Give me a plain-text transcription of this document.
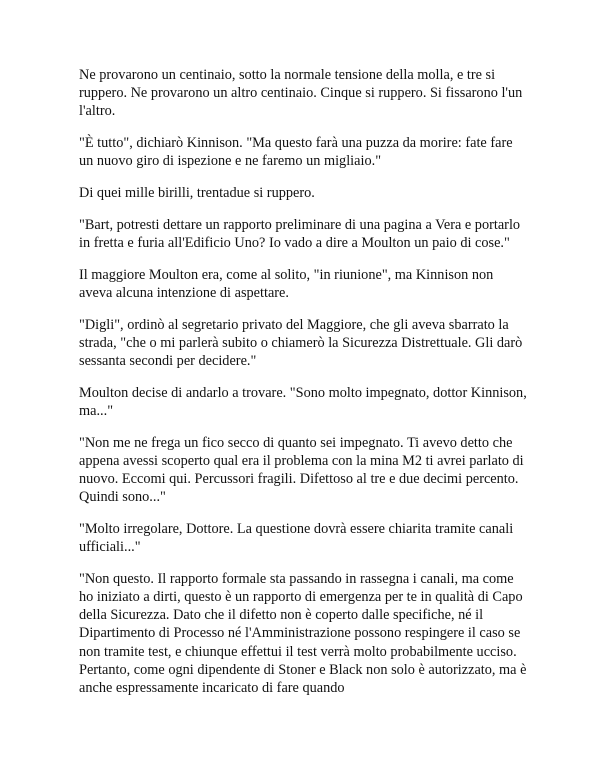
Ne provarono un centinaio, sotto la normale tensione della molla, e tre si ruppero. Ne provarono un altro centinaio. Cinque si ruppero. Si fissarono l'un l'altro.

"È tutto", dichiarò Kinnison. "Ma questo farà una puzza da morire: fate fare un nuovo giro di ispezione e ne faremo un migliaio."

Di quei mille birilli, trentadue si ruppero.

"Bart, potresti dettare un rapporto preliminare di una pagina a Vera e portarlo in fretta e furia all'Edificio Uno? Io vado a dire a Moulton un paio di cose."

Il maggiore Moulton era, come al solito, "in riunione", ma Kinnison non aveva alcuna intenzione di aspettare.

"Digli", ordinò al segretario privato del Maggiore, che gli aveva sbarrato la strada, "che o mi parlerà subito o chiamerò la Sicurezza Distrettuale. Gli darò sessanta secondi per decidere."

Moulton decise di andarlo a trovare. "Sono molto impegnato, dottor Kinnison, ma..."

"Non me ne frega un fico secco di quanto sei impegnato. Ti avevo detto che appena avessi scoperto qual era il problema con la mina M2 ti avrei parlato di nuovo. Eccomi qui. Percussori fragili. Difettoso al tre e due decimi percento. Quindi sono..."

"Molto irregolare, Dottore. La questione dovrà essere chiarita tramite canali ufficiali..."

"Non questo. Il rapporto formale sta passando in rassegna i canali, ma come ho iniziato a dirti, questo è un rapporto di emergenza per te in qualità di Capo della Sicurezza. Dato che il difetto non è coperto dalle specifiche, né il Dipartimento di Processo né l'Amministrazione possono respingere il caso se non tramite test, e chiunque effettui il test verrà molto probabilmente ucciso. Pertanto, come ogni dipendente di Stoner e Black non solo è autorizzato, ma è anche espressamente incaricato di fare quando
